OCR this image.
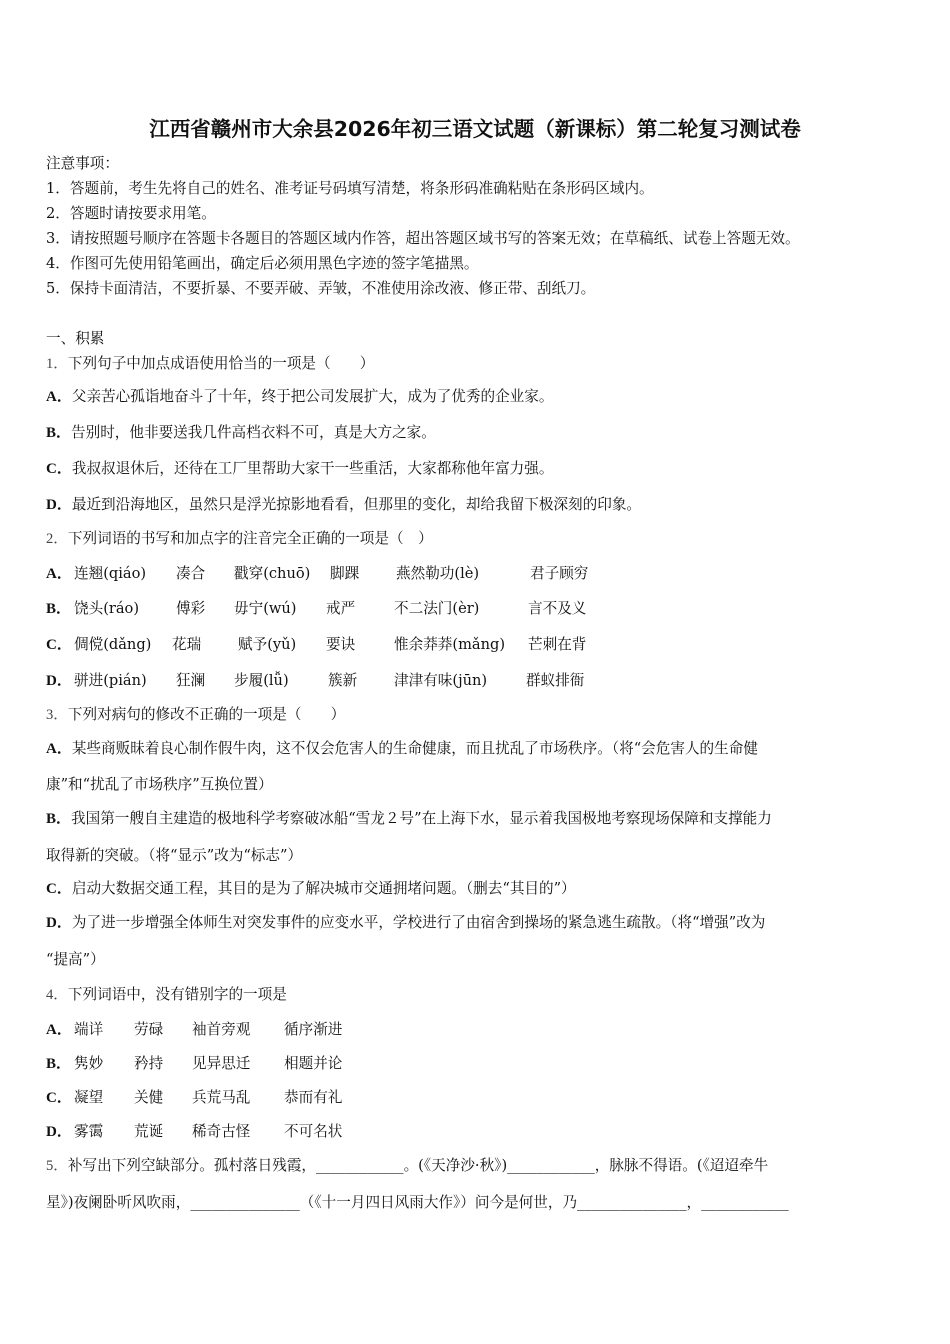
江西省赣州市大余县2026年初三语文试题（新课标）第二轮复习测试卷
注意事项：
1．答题前，考生先将自己的姓名、准考证号码填写清楚，将条形码准确粘贴在条形码区域内。
2．答题时请按要求用笔。
3．请按照题号顺序在答题卡各题目的答题区域内作答，超出答题区域书写的答案无效；在草稿纸、试卷上答题无效。
4．作图可先使用铅笔画出，确定后必须用黑色字迹的签字笔描黑。
5．保持卡面清洁，不要折暴、不要弄破、弄皱，不准使用涂改液、修正带、刮纸刀。
一、积累
1．下列句子中加点成语使用恰当的一项是（　　）
A．父亲苦心孤诣地奋斗了十年，终于把公司发展扩大，成为了优秀的企业家。
B．告别时，他非要送我几件高档衣料不可，真是大方之家。
C．我叔叔退休后，还待在工厂里帮助大家干一些重活，大家都称他年富力强。
D．最近到沿海地区，虽然只是浮光掠影地看看，但那里的变化，却给我留下极深刻的印象。
2．下列词语的书写和加点字的注音完全正确的一项是（　）
A． 连翘(qiáo) 凑合 戳穿(chuō) 脚踝	燕然勒功(lè)	君子顾穷
B． 饶头(ráo)	傅彩 毋宁(wú) 戒严	不二法门(èr)	言不及义
C． 倜傥(dǎng) 花瑞	赋予(yǔ) 要诀	惟余莽莽(mǎng) 芒刺在背
D． 骈进(pián) 狂澜 步履(lǚ)	簇新	津津有味(jūn)	群蚁排衙
3．下列对病句的修改不正确的一项是（　　）
A．某些商贩昧着良心制作假牛肉，这不仅会危害人的生命健康，而且扰乱了市场秩序。（将“会危害人的生命健
康”和“扰乱了市场秩序”互换位置）
B．我国第一艘自主建造的极地科学考察破冰船“雪龙２号”在上海下水，显示着我国极地考察现场保障和支撑能力
取得新的突破。（将“显示”改为“标志”）
C．启动大数据交通工程，其目的是为了解决城市交通拥堵问题。（删去“其目的”）
D．为了进一步增强全体师生对突发事件的应变水平，学校进行了由宿舍到操场的紧急逃生疏散。（将“增强”改为
“提高”）
4．下列词语中，没有错别字的一项是
A． 端详 劳碌 袖首旁观 循序渐进
B． 隽妙 矜持 见异思迁 相题并论
C． 凝望 关健 兵荒马乱 恭而有礼
D． 雾霭 荒诞 稀奇古怪 不可名状
5．补写出下列空缺部分。孤村落日残霞，____________。(《天净沙·秋》)____________，脉脉不得语。(《迢迢牵牛
星》)夜阑卧听风吹雨，_______________（《十一月四日风雨大作》）问今是何世，乃_______________，____________
